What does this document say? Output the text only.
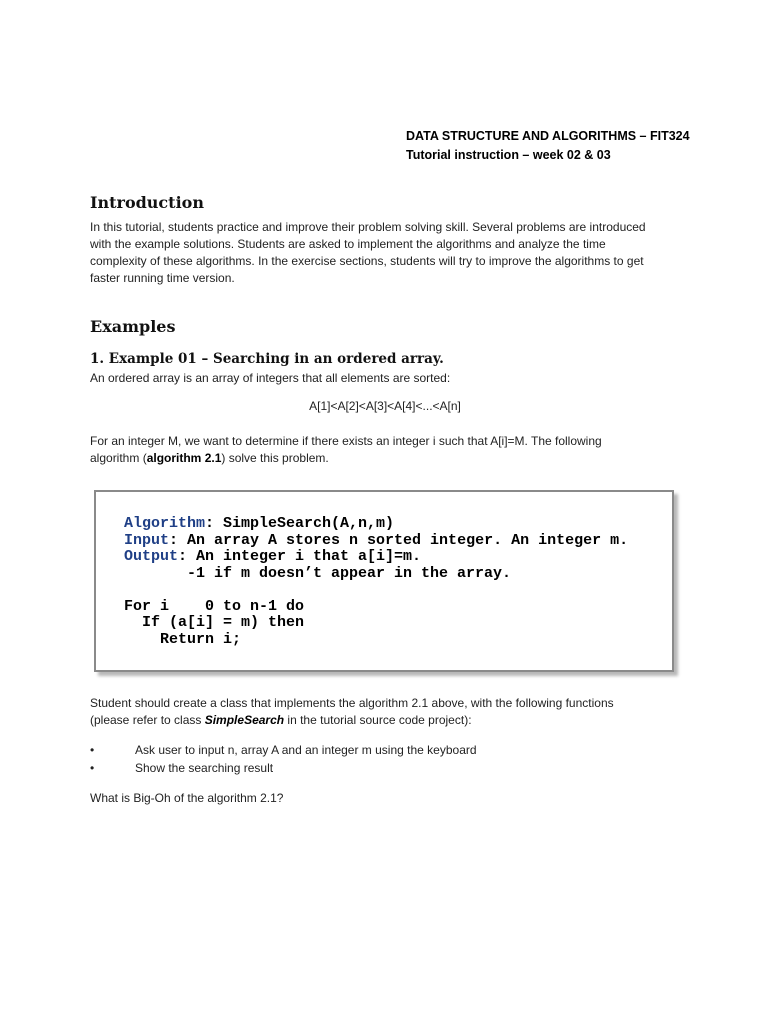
DATA STRUCTURE AND ALGORITHMS – FIT324
Tutorial instruction – week 02 & 03
Introduction
In this tutorial, students practice and improve their problem solving skill. Several problems are introduced
with the example solutions. Students are asked to implement the algorithms and analyze the time
complexity of these algorithms. In the exercise sections, students will try to improve the algorithms to get
faster running time version.
Examples
1. Example 01 – Searching in an ordered array.
An ordered array is an array of integers that all elements are sorted:
A[1]<A[2]<A[3]<A[4]<...<A[n]
For an integer M, we want to determine if there exists an integer i such that A[i]=M. The following
algorithm (algorithm 2.1) solve this problem.
Algorithm: SimpleSearch(A,n,m)
Input: An array A stores n sorted integer. An integer m.
Output: An integer i that a[i]=m.
-1 if m doesn’t appear in the array.

For i    0 to n-1 do
If (a[i] = m) then
Return i;
Student should create a class that implements the algorithm 2.1 above, with the following functions
(please refer to class SimpleSearch in the tutorial source code project):
•	Ask user to input n, array A and an integer m using the keyboard
•	Show the searching result
What is Big-Oh of the algorithm 2.1?
